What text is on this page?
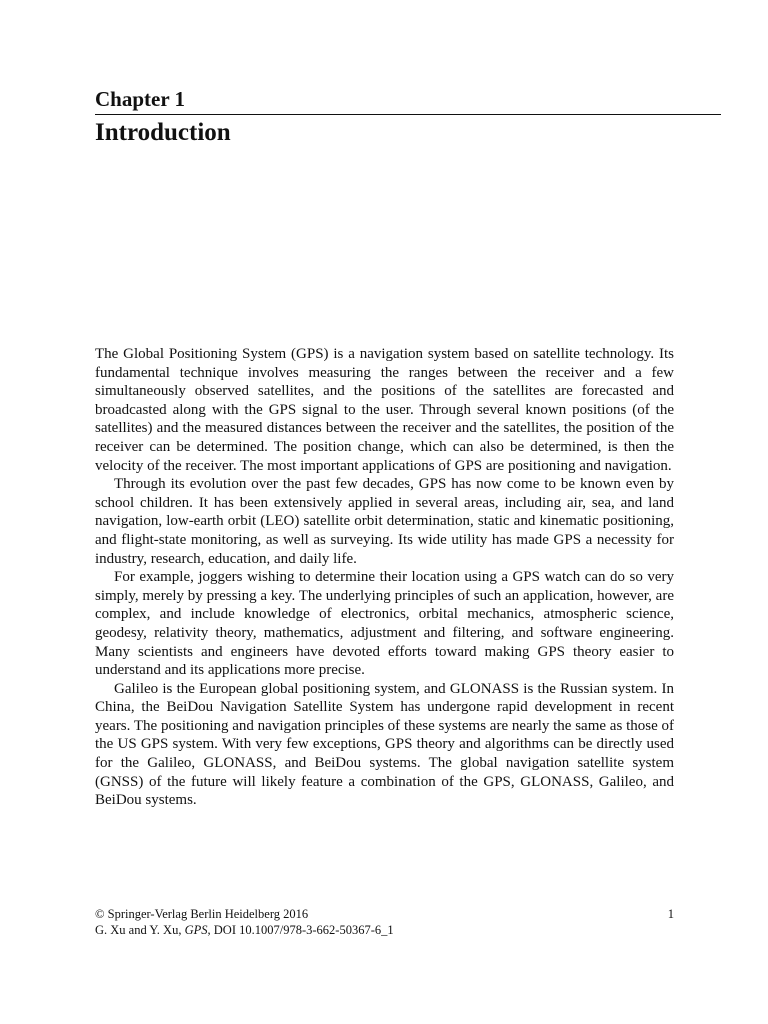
Chapter 1
Introduction

The Global Positioning System (GPS) is a navigation system based on satellite technology. Its fundamental technique involves measuring the ranges between the receiver and a few simultaneously observed satellites, and the positions of the satellites are forecasted and broadcasted along with the GPS signal to the user. Through several known positions (of the satellites) and the measured distances between the receiver and the satellites, the position of the receiver can be determined. The position change, which can also be determined, is then the velocity of the receiver. The most important applications of GPS are positioning and navigation.

Through its evolution over the past few decades, GPS has now come to be known even by school children. It has been extensively applied in several areas, including air, sea, and land navigation, low-earth orbit (LEO) satellite orbit determination, static and kinematic positioning, and flight-state monitoring, as well as surveying. Its wide utility has made GPS a necessity for industry, research, education, and daily life.

For example, joggers wishing to determine their location using a GPS watch can do so very simply, merely by pressing a key. The underlying principles of such an application, however, are complex, and include knowledge of electronics, orbital mechanics, atmospheric science, geodesy, relativity theory, mathematics, adjustment and filtering, and software engineering. Many scientists and engineers have devoted efforts toward making GPS theory easier to understand and its applications more precise.

Galileo is the European global positioning system, and GLONASS is the Russian system. In China, the BeiDou Navigation Satellite System has undergone rapid development in recent years. The positioning and navigation principles of these systems are nearly the same as those of the US GPS system. With very few exceptions, GPS theory and algorithms can be directly used for the Galileo, GLONASS, and BeiDou systems. The global navigation satellite system (GNSS) of the future will likely feature a combination of the GPS, GLONASS, Galileo, and BeiDou systems.

© Springer-Verlag Berlin Heidelberg 2016	1
G. Xu and Y. Xu, GPS, DOI 10.1007/978-3-662-50367-6_1
